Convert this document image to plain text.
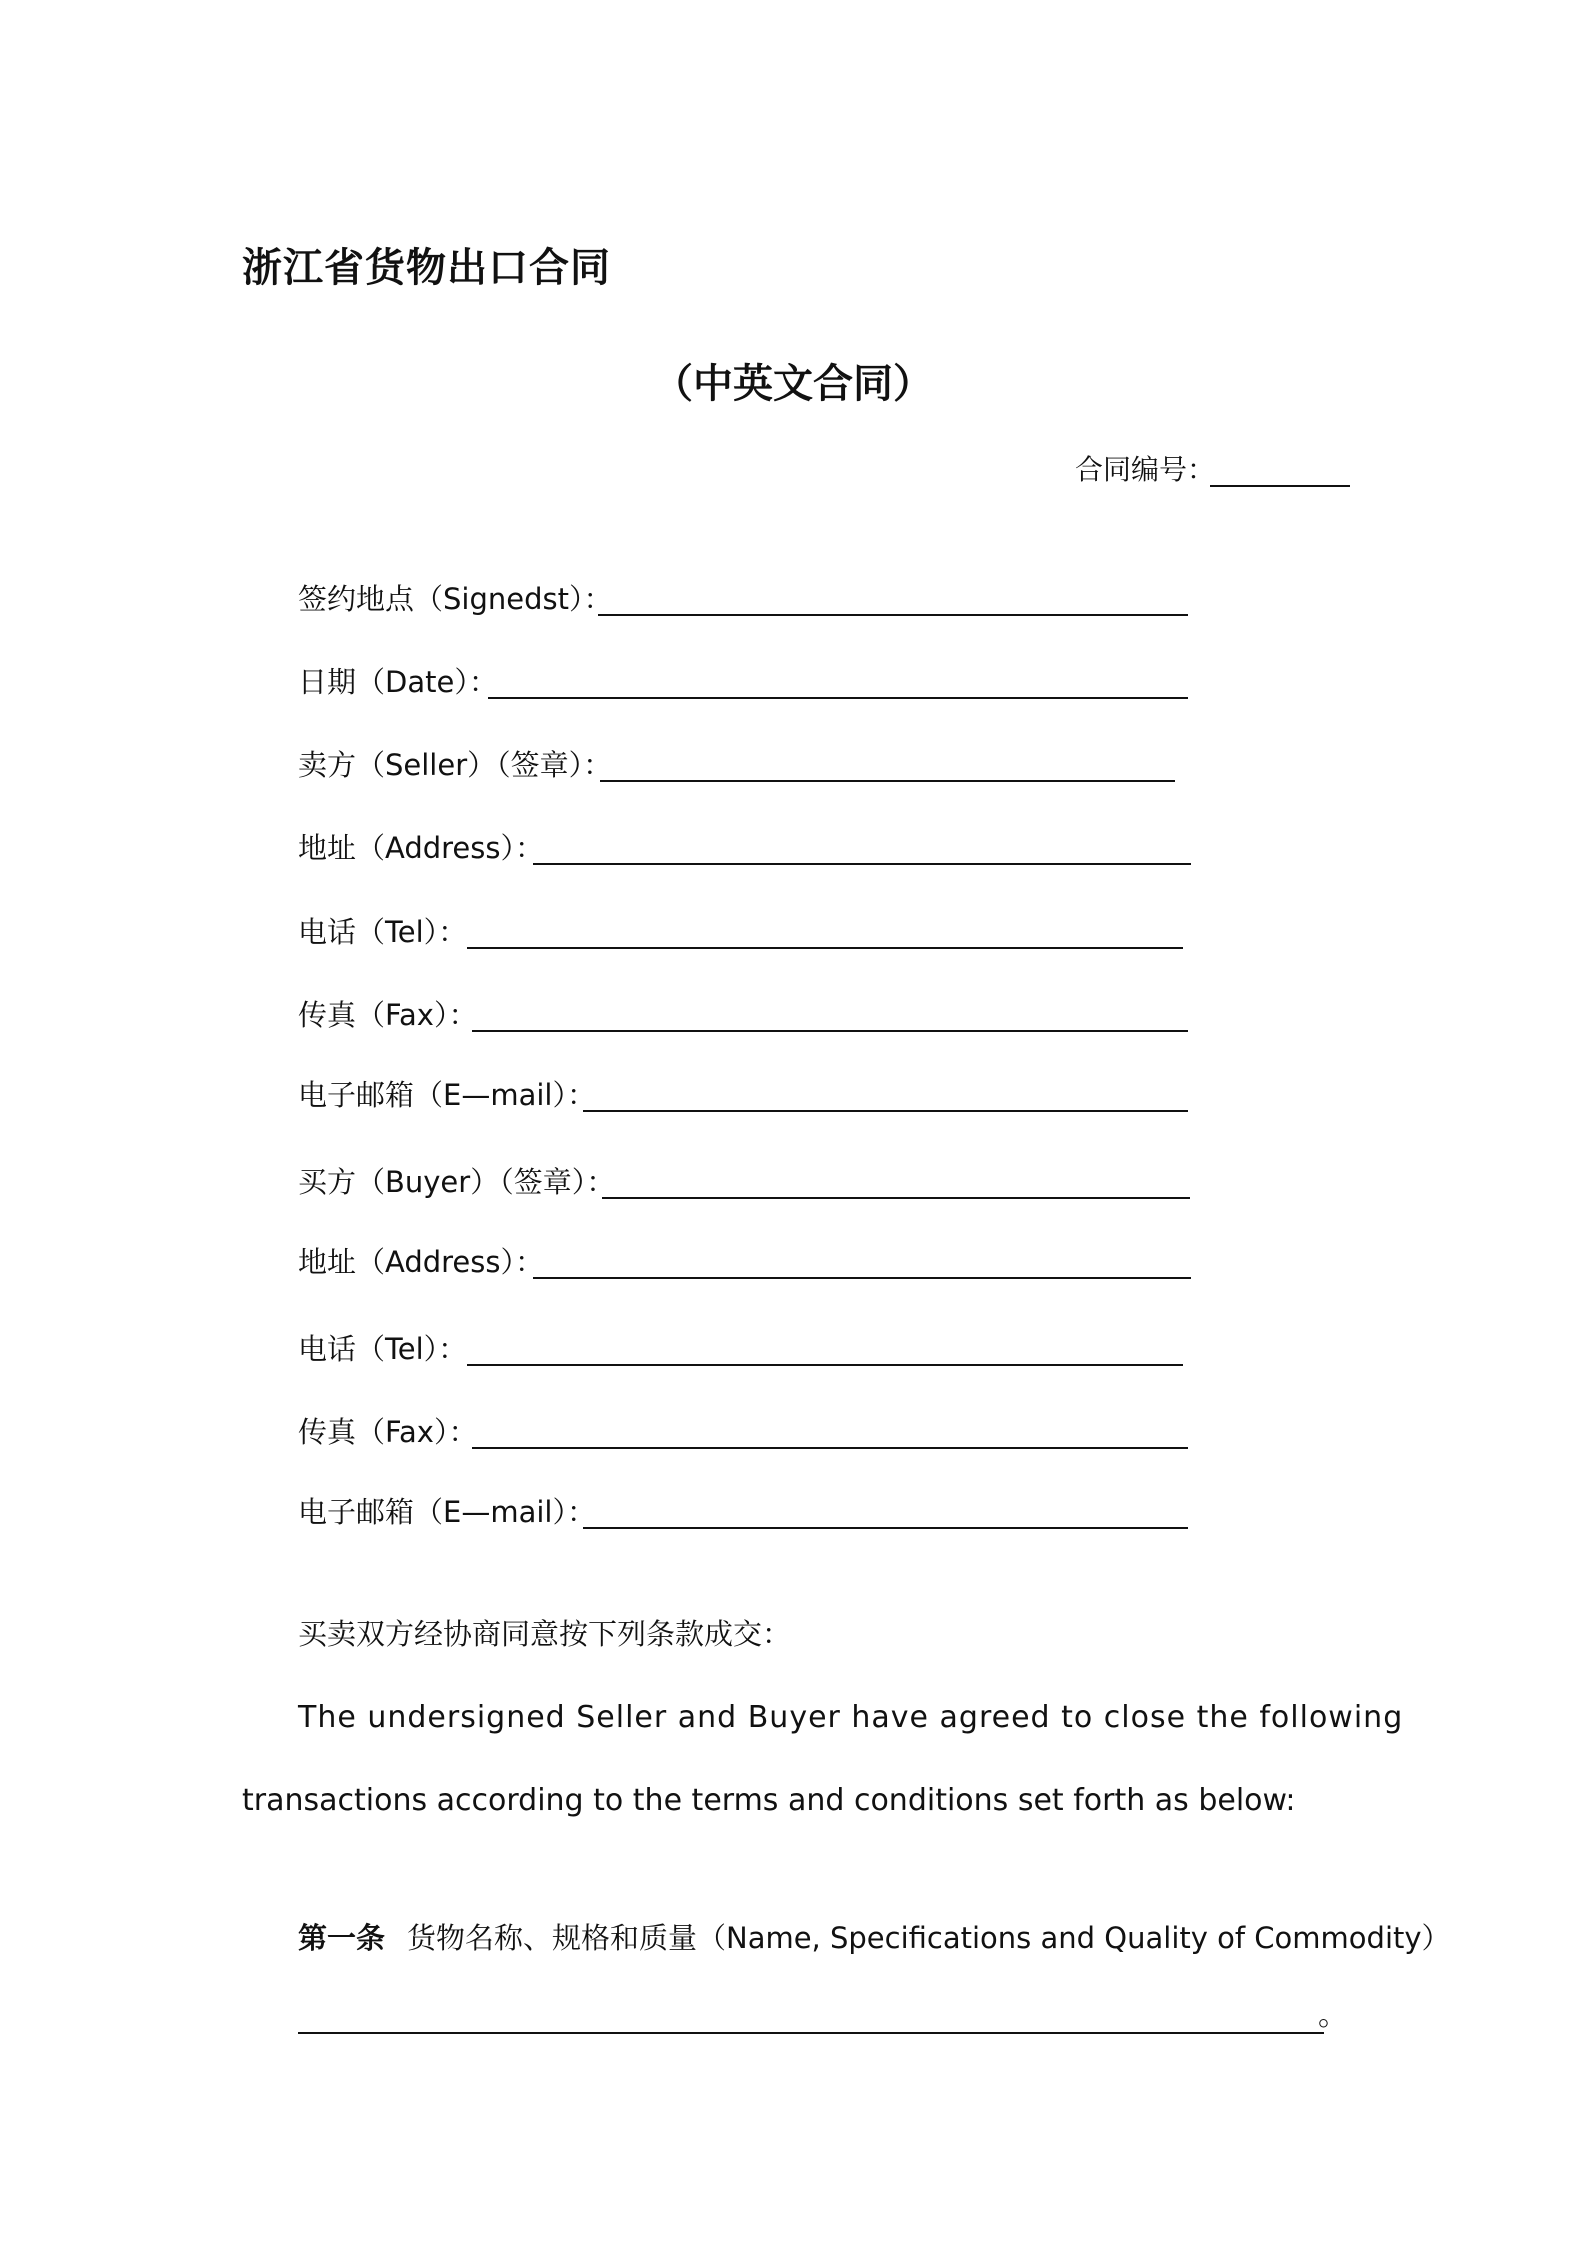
浙江省货物出口合同
（中英文合同）
合同编号：
签约地点（Signedst）：
日期（Date）：
卖方（Seller）（签章）：
地址（Address）：
电话（Tel）：
传真（Fax）：
电子邮箱（E—mail）：
买方（Buyer）（签章）：
地址（Address）：
电话（Tel）：
传真（Fax）：
电子邮箱（E—mail）：
买卖双方经协商同意按下列条款成交：
The undersigned Seller and Buyer have agreed to close the following
transactions according to the terms and conditions set forth as below:
第一条 货物名称、规格和质量（Name, Specifications and Quality of Commodity）
。
